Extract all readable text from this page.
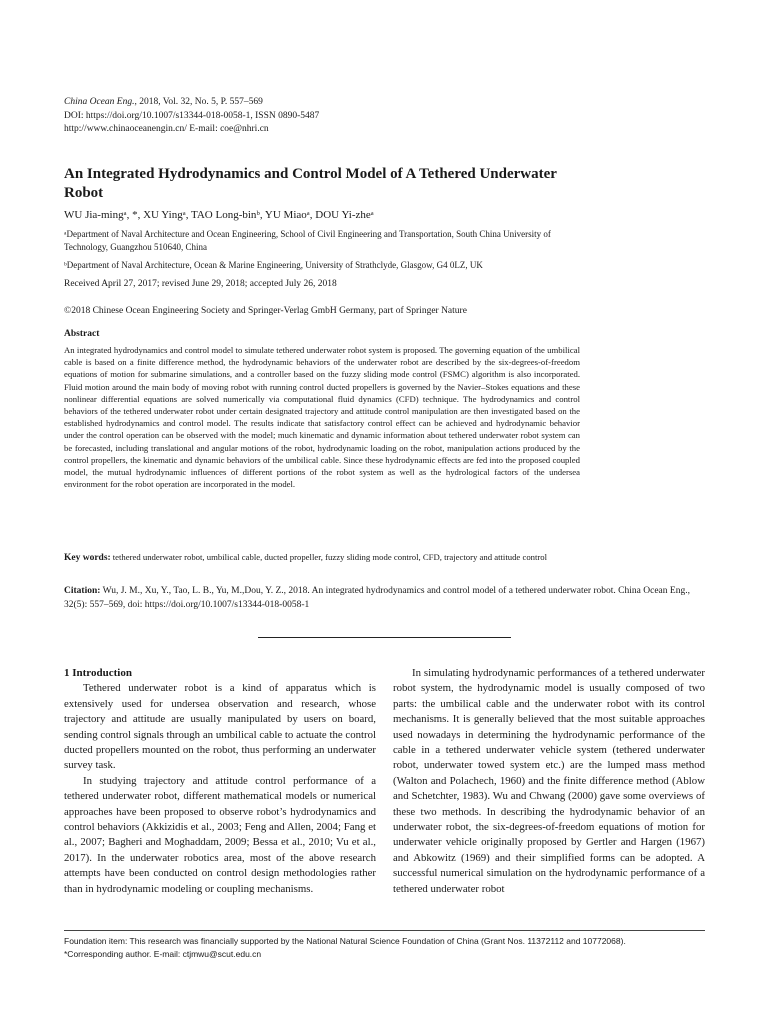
China Ocean Eng., 2018, Vol. 32, No. 5, P. 557–569
DOI: https://doi.org/10.1007/s13344-018-0058-1, ISSN 0890-5487
http://www.chinaoceanengin.cn/ E-mail: coe@nhri.cn
An Integrated Hydrodynamics and Control Model of A Tethered Underwater Robot
WU Jia-mingᵃ, *, XU Yingᵃ, TAO Long-binᵇ, YU Miaoᵃ, DOU Yi-zheᵃ
ᵃDepartment of Naval Architecture and Ocean Engineering, School of Civil Engineering and Transportation, South China University of Technology, Guangzhou 510640, China
ᵇDepartment of Naval Architecture, Ocean & Marine Engineering, University of Strathclyde, Glasgow, G4 0LZ, UK
Received April 27, 2017; revised June 29, 2018; accepted July 26, 2018
©2018 Chinese Ocean Engineering Society and Springer-Verlag GmbH Germany, part of Springer Nature
Abstract
An integrated hydrodynamics and control model to simulate tethered underwater robot system is proposed. The governing equation of the umbilical cable is based on a finite difference method, the hydrodynamic behaviors of the underwater robot are described by the six-degrees-of-freedom equations of motion for submarine simulations, and a controller based on the fuzzy sliding mode control (FSMC) algorithm is also incorporated. Fluid motion around the main body of moving robot with running control ducted propellers is governed by the Navier–Stokes equations and these nonlinear differential equations are solved numerically via computational fluid dynamics (CFD) technique. The hydrodynamics and control behaviors of the tethered underwater robot under certain designated trajectory and attitude control manipulation are then investigated based on the established hydrodynamics and control model. The results indicate that satisfactory control effect can be achieved and hydrodynamic behavior under the control operation can be observed with the model; much kinematic and dynamic information about tethered underwater robot system can be forecasted, including translational and angular motions of the robot, hydrodynamic loading on the robot, manipulation actions produced by the control propellers, the kinematic and dynamic behaviors of the umbilical cable. Since these hydrodynamic effects are fed into the proposed coupled model, the mutual hydrodynamic influences of different portions of the robot system as well as the hydrological factors of the undersea environment for the robot operation are incorporated in the model.
Key words: tethered underwater robot, umbilical cable, ducted propeller, fuzzy sliding mode control, CFD, trajectory and attitude control
Citation: Wu, J. M., Xu, Y., Tao, L. B., Yu, M.,Dou, Y. Z., 2018. An integrated hydrodynamics and control model of a tethered underwater robot. China Ocean Eng., 32(5): 557–569, doi: https://doi.org/10.1007/s13344-018-0058-1
1 Introduction

Tethered underwater robot is a kind of apparatus which is extensively used for undersea observation and research, whose trajectory and attitude are usually manipulated by users on board, sending control signals through an umbilical cable to actuate the control ducted propellers mounted on the robot, thus performing an underwater survey task.

In studying trajectory and attitude control performance of a tethered underwater robot, different mathematical models or numerical approaches have been proposed to observe robot’s hydrodynamics and control behaviors (Akkizidis et al., 2003; Feng and Allen, 2004; Fang et al., 2007; Bagheri and Moghaddam, 2009; Bessa et al., 2010; Vu et al., 2017). In the underwater robotics area, most of the above research attempts have been conducted on control design methodologies rather than in hydrodynamic modeling or coupling mechanisms.

In simulating hydrodynamic performances of a tethered underwater robot system, the hydrodynamic model is usually composed of two parts: the umbilical cable and the underwater robot with its control mechanisms. It is generally believed that the most suitable approaches used nowadays in determining the hydrodynamic performance of the cable in a tethered underwater vehicle system (tethered underwater robot, underwater towed system etc.) are the lumped mass method (Walton and Polachech, 1960) and the finite difference method (Ablow and Schetchter, 1983). Wu and Chwang (2000) gave some overviews of these two methods. In describing the hydrodynamic behavior of an underwater robot, the six-degrees-of-freedom equations of motion for underwater vehicle originally proposed by Gertler and Hargen (1967) and Abkowitz (1969) and their simplified forms can be adopted. A successful numerical simulation on the hydrodynamic performance of a tethered underwater robot

Foundation item: This research was financially supported by the National Natural Science Foundation of China (Grant Nos. 11372112 and 10772068).
*Corresponding author. E-mail: ctjmwu@scut.edu.cn
